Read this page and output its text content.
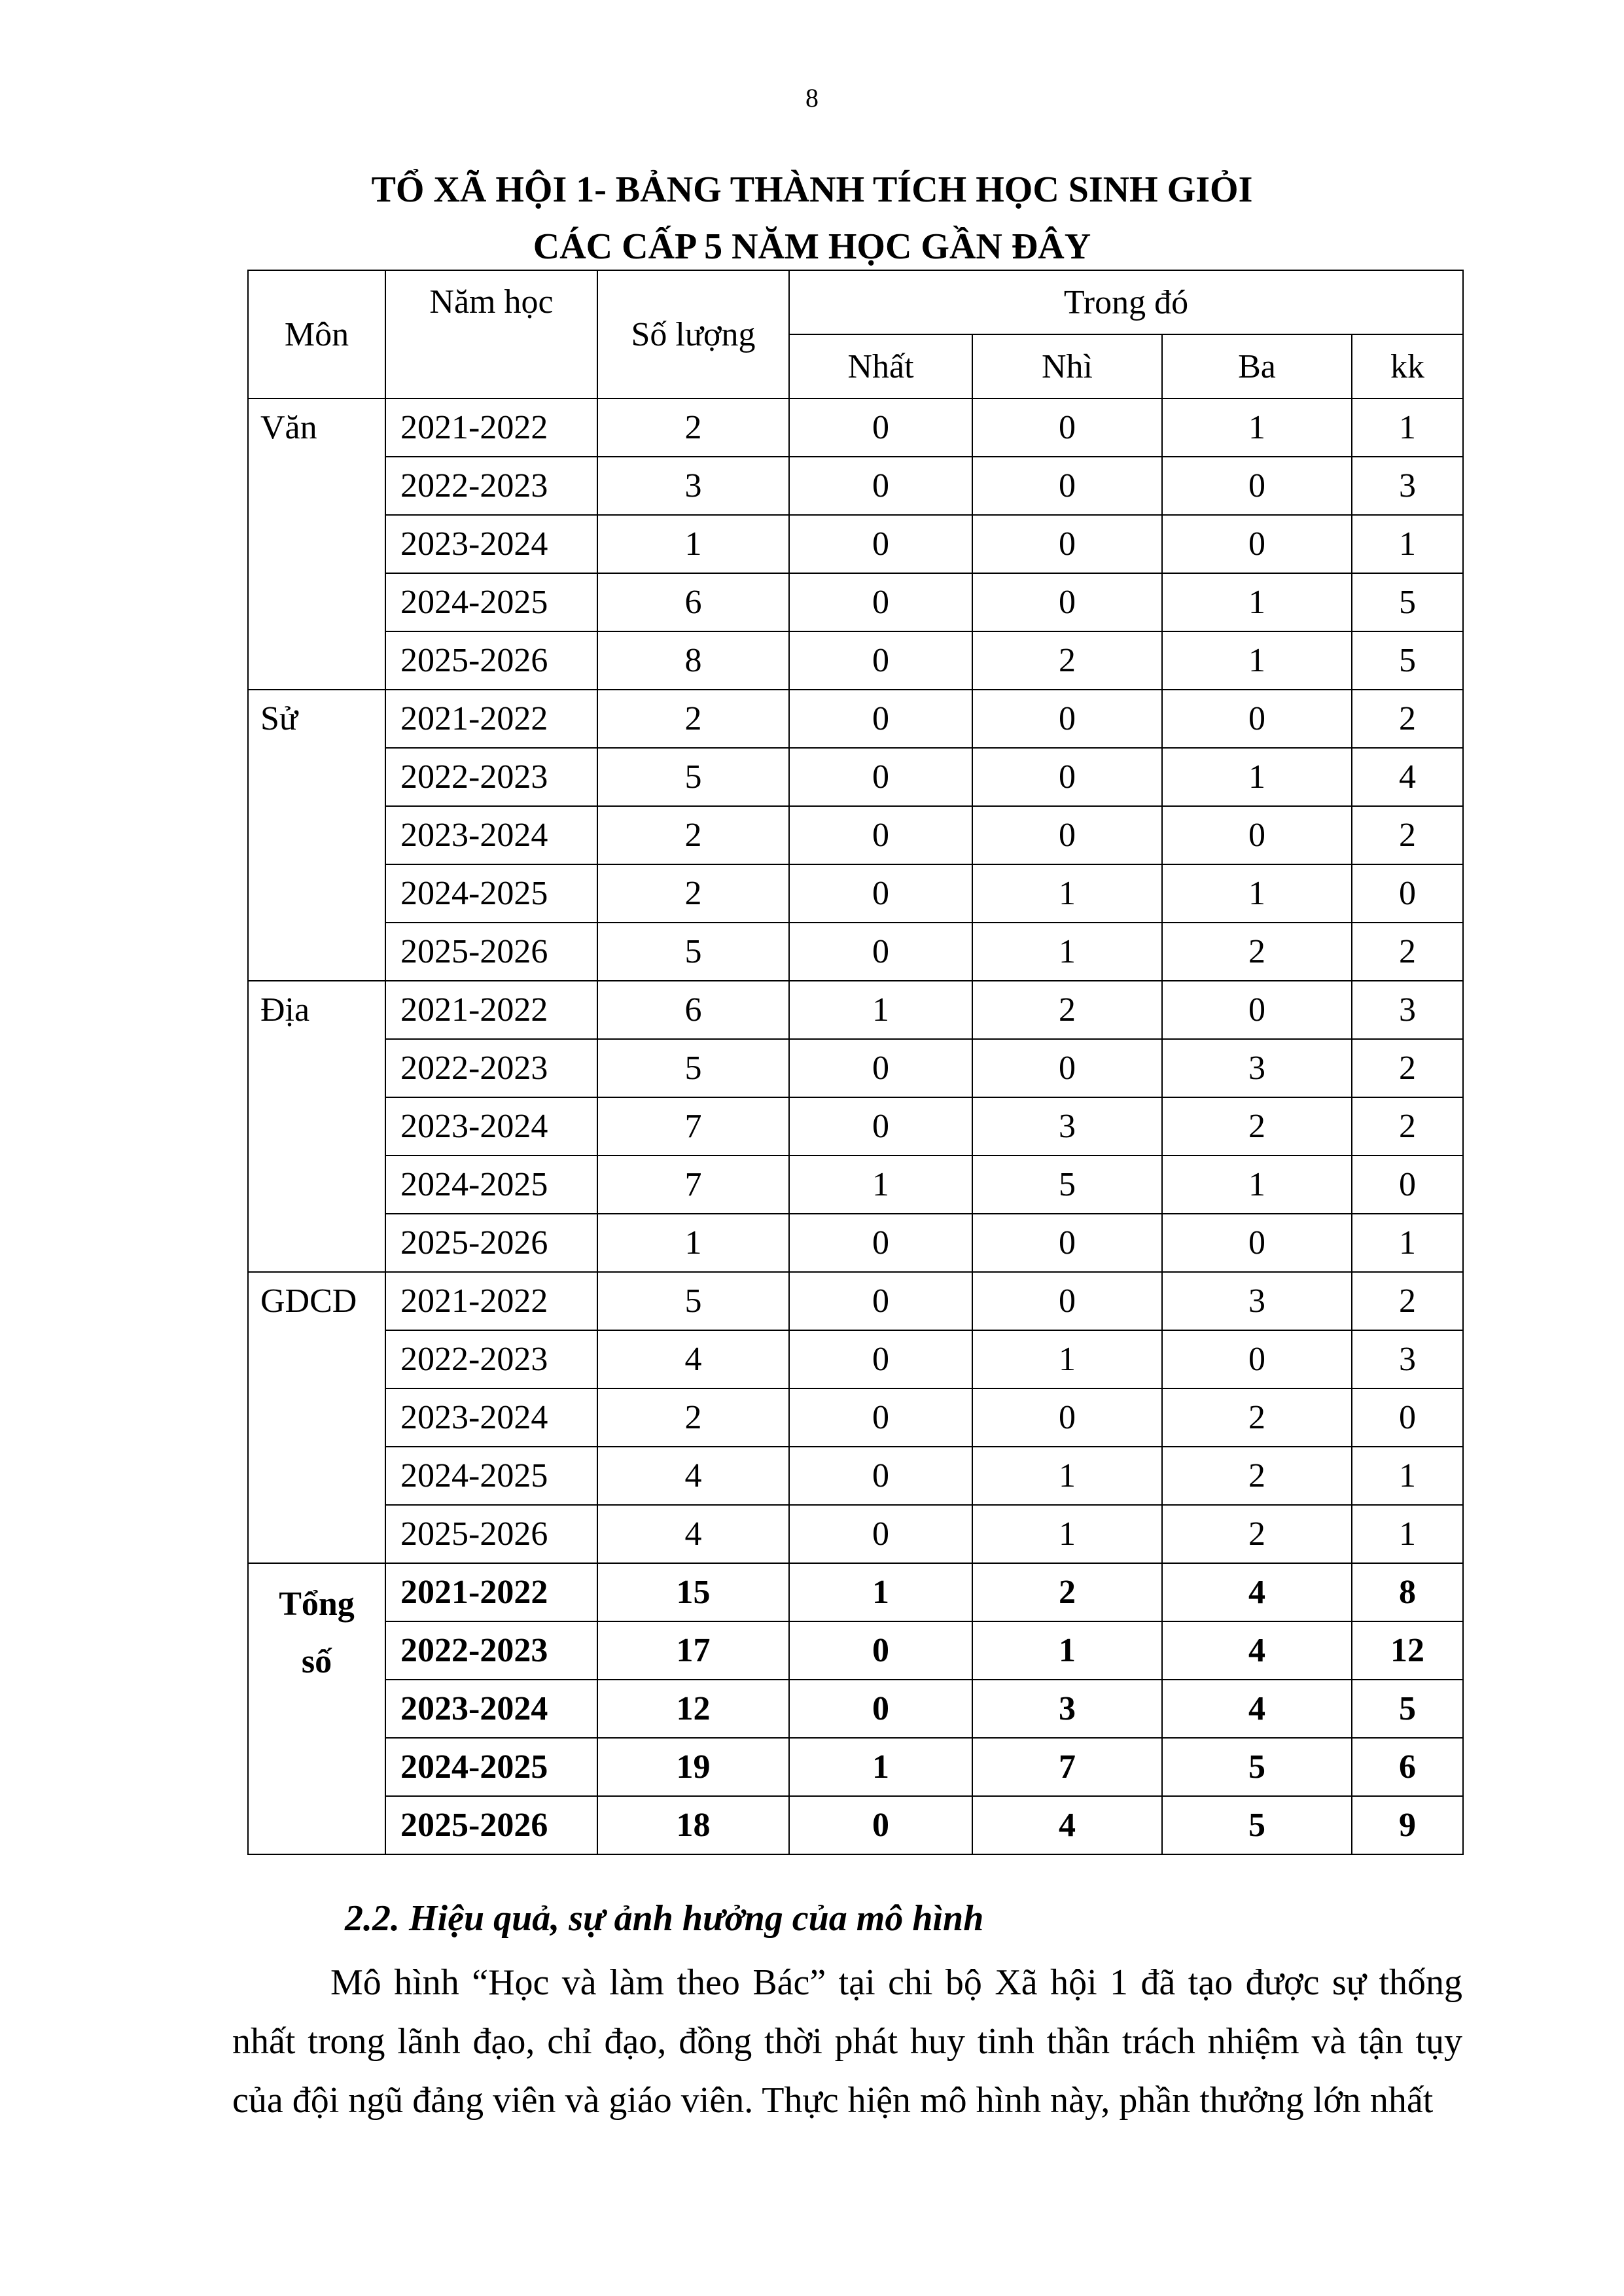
8
TỔ XÃ HỘI 1- BẢNG THÀNH TÍCH HỌC SINH GIỎI
CÁC CẤP 5 NĂM HỌC GẦN ĐÂY
Môn	Năm học	Số lượng	Trong đó			
			Nhất	Nhì	Ba	kk
Văn	2021-2022	2	0	0	1	1
	2022-2023	3	0	0	0	3
	2023-2024	1	0	0	0	1
	2024-2025	6	0	0	1	5
	2025-2026	8	0	2	1	5
Sử	2021-2022	2	0	0	0	2
	2022-2023	5	0	0	1	4
	2023-2024	2	0	0	0	2
	2024-2025	2	0	1	1	0
	2025-2026	5	0	1	2	2
Địa	2021-2022	6	1	2	0	3
	2022-2023	5	0	0	3	2
	2023-2024	7	0	3	2	2
	2024-2025	7	1	5	1	0
	2025-2026	1	0	0	0	1
GDCD	2021-2022	5	0	0	3	2
	2022-2023	4	0	1	0	3
	2023-2024	2	0	0	2	0
	2024-2025	4	0	1	2	1
	2025-2026	4	0	1	2	1

Tổng
số	2021-2022	15	1	2	4	8
	2022-2023	17	0	1	4	12
	2023-2024	12	0	3	4	5
	2024-2025	19	1	7	5	6
	2025-2026	18	0	4	5	9
2.2. Hiệu quả, sự ảnh hưởng của mô hình
Mô hình “Học và làm theo Bác” tại chi bộ Xã hội 1 đã tạo được sự thống nhất trong lãnh đạo, chỉ đạo, đồng thời phát huy tinh thần trách nhiệm và tận tụy của đội ngũ đảng viên và giáo viên. Thực hiện mô hình này, phần thưởng lớn nhất
